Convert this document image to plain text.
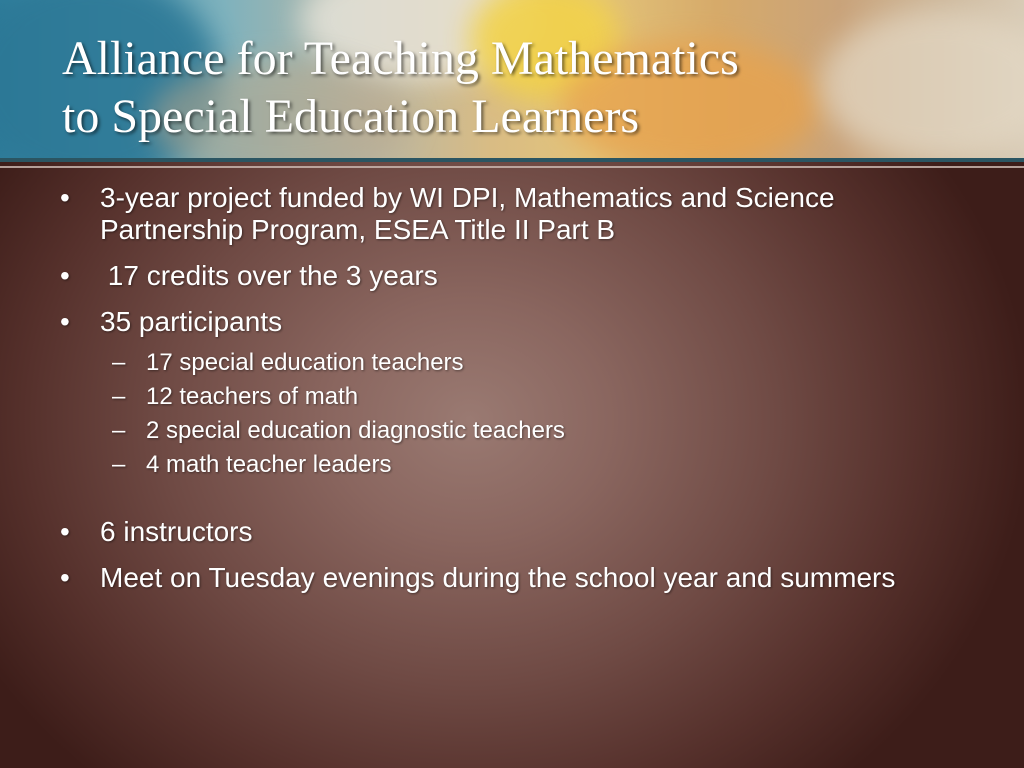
Alliance for Teaching Mathematics
to Special Education Learners
•	3-year project funded by WI DPI, Mathematics and Science Partnership Program, ESEA Title II Part B
•	17 credits over the 3 years
•	35 participants
– 17 special education teachers
– 12 teachers of math
– 2 special education diagnostic teachers
– 4 math teacher leaders
•	6 instructors
•	Meet on Tuesday evenings during the school year and summers
